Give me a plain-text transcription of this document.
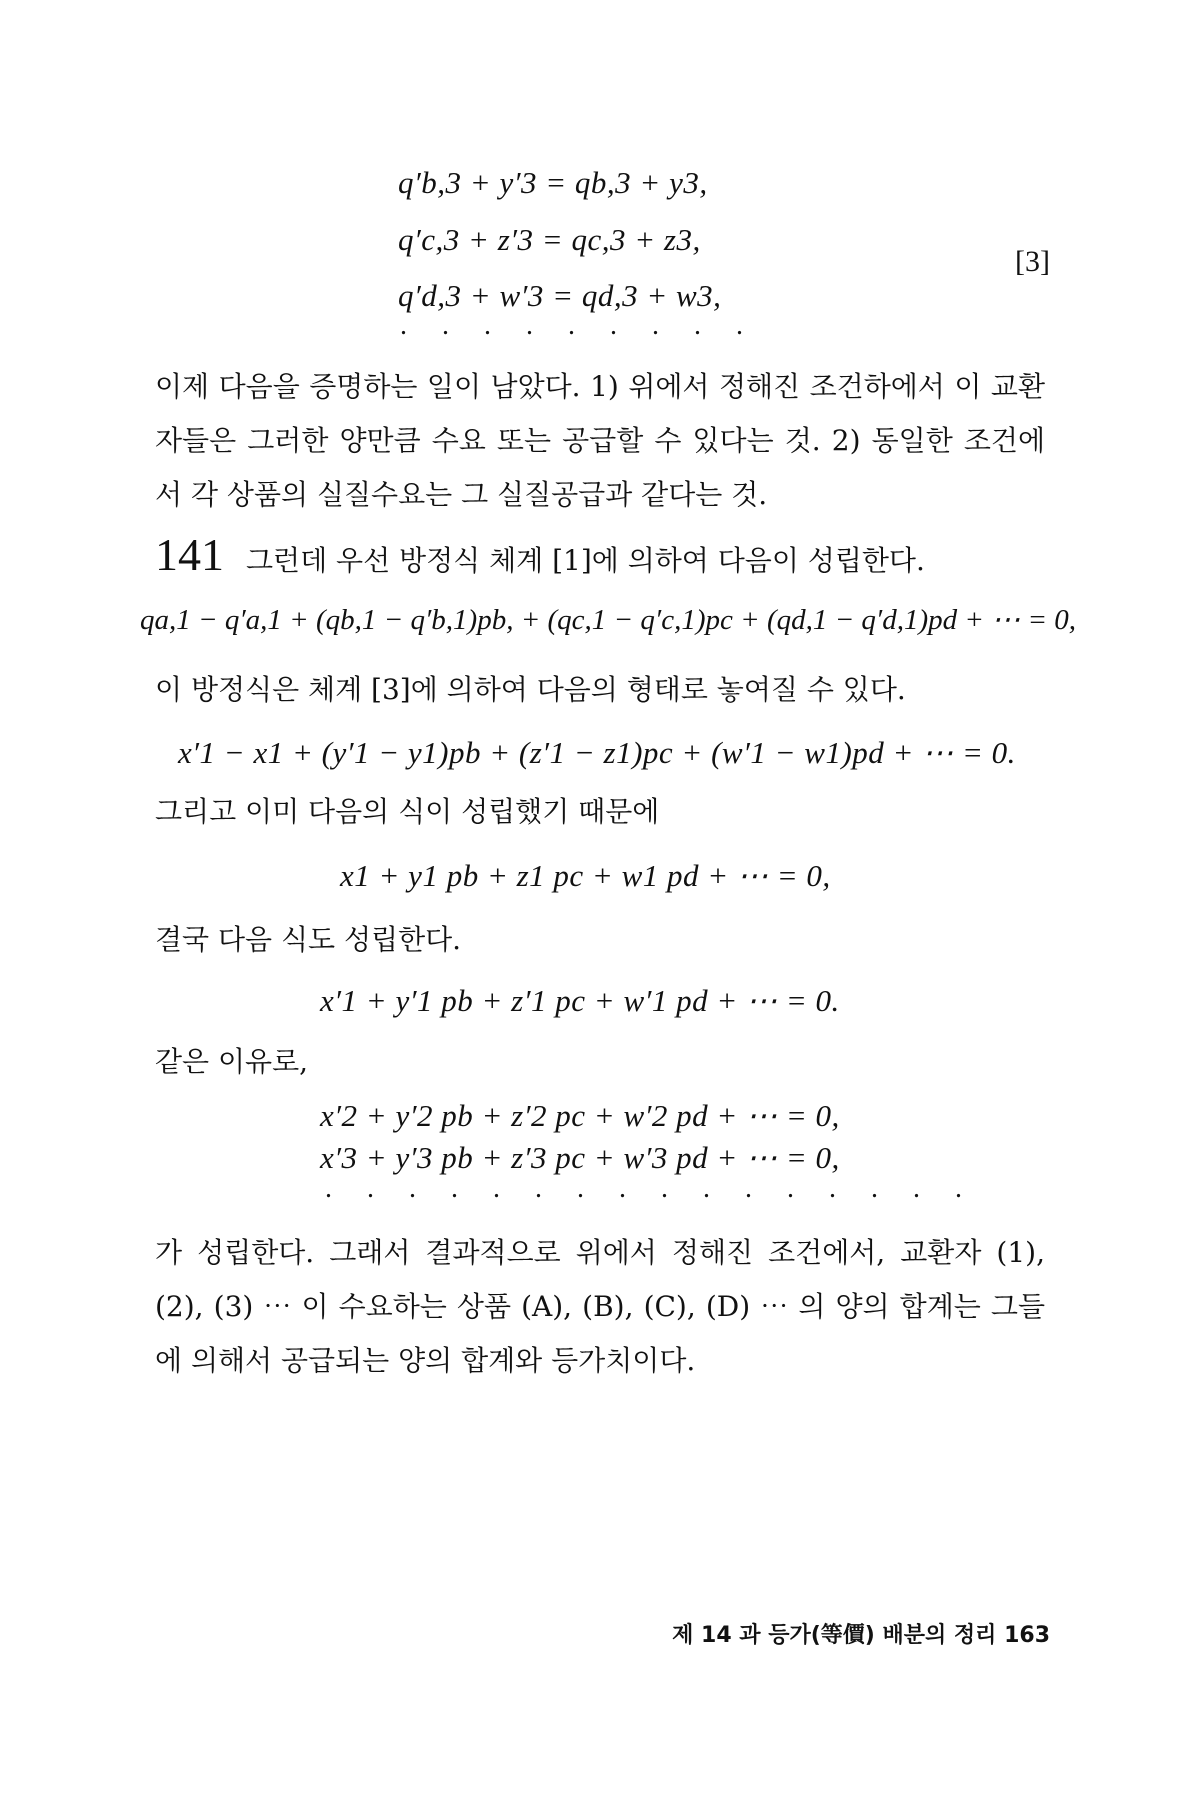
q′b,3 + y′3 = qb,3 + y3,
q′c,3 + z′3 = qc,3 + z3,
q′d,3 + w′3 = qd,3 + w3,
[3]
. . . . . . . . .
이제 다음을 증명하는 일이 남았다. 1) 위에서 정해진 조건하에서 이 교환자들은 그러한 양만큼 수요 또는 공급할 수 있다는 것. 2) 동일한 조건에서 각 상품의 실질수요는 그 실질공급과 같다는 것.
141 그런데 우선 방정식 체계 [1]에 의하여 다음이 성립한다.
qa,1 − q′a,1 + (qb,1 − q′b,1)pb, + (qc,1 − q′c,1)pc + (qd,1 − q′d,1)pd + ⋯ = 0,
이 방정식은 체계 [3]에 의하여 다음의 형태로 놓여질 수 있다.
x′1 − x1 + (y′1 − y1)pb + (z′1 − z1)pc + (w′1 − w1)pd + ⋯ = 0.
그리고 이미 다음의 식이 성립했기 때문에
x1 + y1 pb + z1 pc + w1 pd + ⋯ = 0,
결국 다음 식도 성립한다.
x′1 + y′1 pb + z′1 pc + w′1 pd + ⋯ = 0.
같은 이유로,
x′2 + y′2 pb + z′2 pc + w′2 pd + ⋯ = 0,
x′3 + y′3 pb + z′3 pc + w′3 pd + ⋯ = 0,
. . . . . . . . . . . . . . . .
가 성립한다. 그래서 결과적으로 위에서 정해진 조건에서, 교환자 (1), (2), (3) ⋯ 이 수요하는 상품 (A), (B), (C), (D) ⋯ 의 양의 합계는 그들에 의해서 공급되는 양의 합계와 등가치이다.
제 14 과 등가(等價) 배분의 정리 163
